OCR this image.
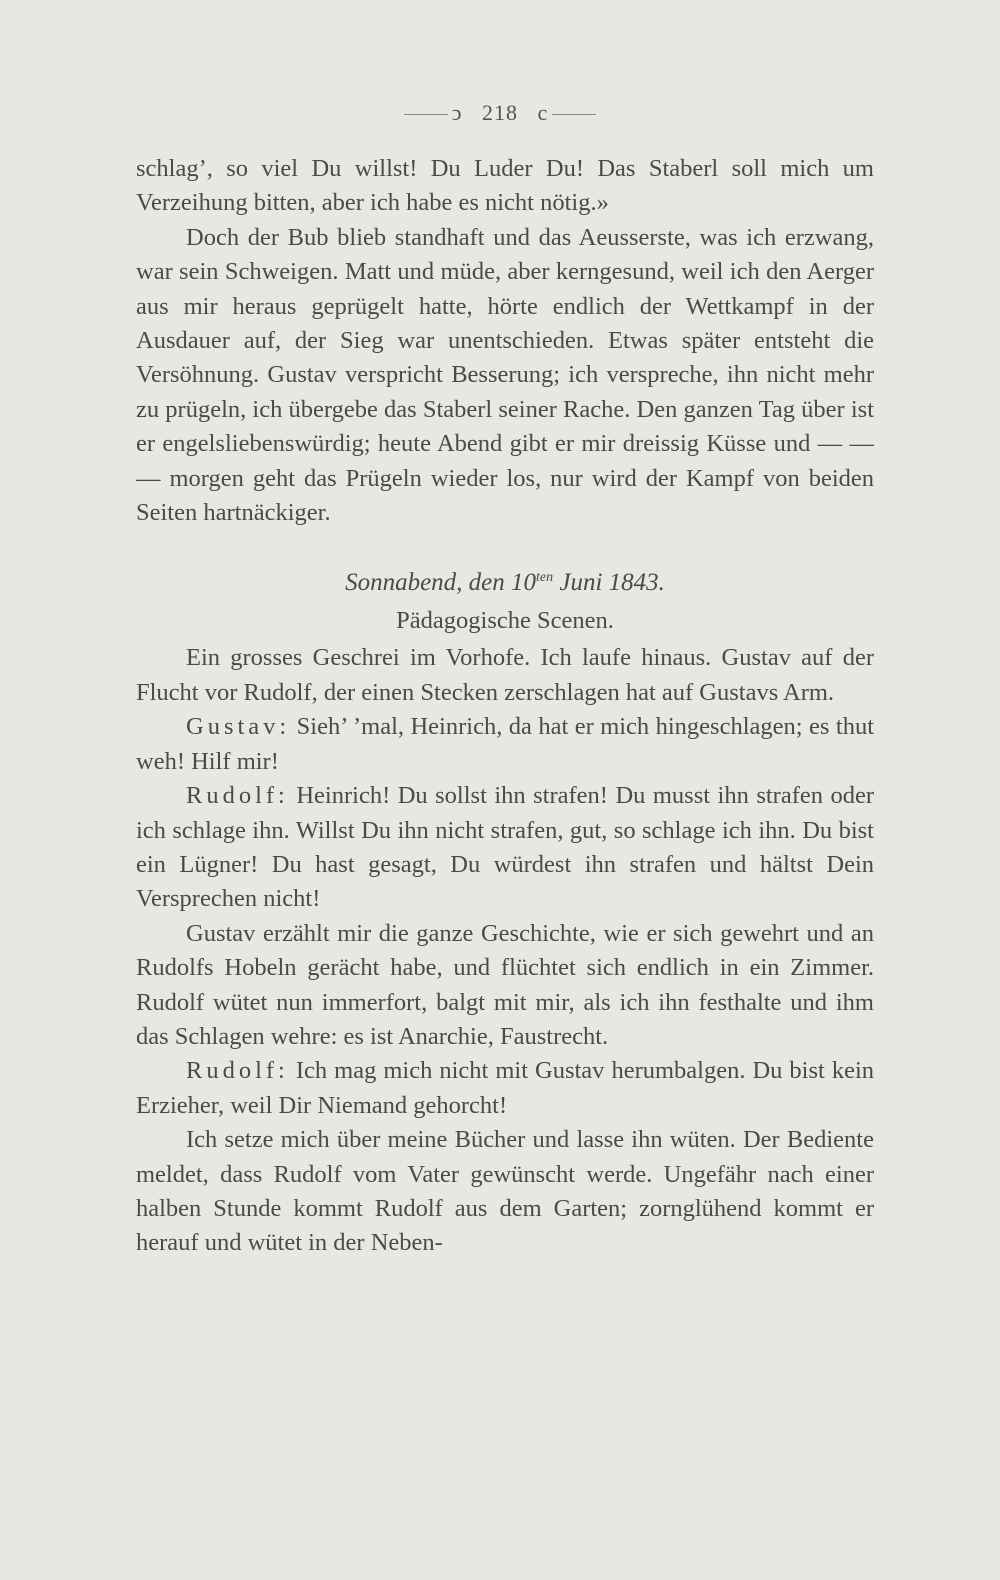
ↄ 218 c

schlag’, so viel Du willst! Du Luder Du! Das Staberl soll mich um Verzeihung bitten, aber ich habe es nicht nötig.»

Doch der Bub blieb standhaft und das Aeusserste, was ich erzwang, war sein Schweigen. Matt und müde, aber kerngesund, weil ich den Aerger aus mir heraus geprügelt hatte, hörte endlich der Wettkampf in der Ausdauer auf, der Sieg war unentschieden. Etwas später entsteht die Versöhnung. Gustav verspricht Besserung; ich verspreche, ihn nicht mehr zu prügeln, ich übergebe das Staberl seiner Rache. Den ganzen Tag über ist er engelsliebenswürdig; heute Abend gibt er mir dreissig Küsse und — — — morgen geht das Prügeln wieder los, nur wird der Kampf von beiden Seiten hartnäckiger.

Sonnabend, den $10^{ten}$ Juni 1843.

Pädagogische Scenen.

Ein grosses Geschrei im Vorhofe. Ich laufe hinaus. Gustav auf der Flucht vor Rudolf, der einen Stecken zerschlagen hat auf Gustavs Arm.

Gustav: Sieh’ ’mal, Heinrich, da hat er mich hingeschlagen; es thut weh! Hilf mir!

Rudolf: Heinrich! Du sollst ihn strafen! Du musst ihn strafen oder ich schlage ihn. Willst Du ihn nicht strafen, gut, so schlage ich ihn. Du bist ein Lügner! Du hast gesagt, Du würdest ihn strafen und hältst Dein Versprechen nicht!

Gustav erzählt mir die ganze Geschichte, wie er sich gewehrt und an Rudolfs Hobeln gerächt habe, und flüchtet sich endlich in ein Zimmer. Rudolf wütet nun immerfort, balgt mit mir, als ich ihn festhalte und ihm das Schlagen wehre: es ist Anarchie, Faustrecht.

Rudolf: Ich mag mich nicht mit Gustav herumbalgen. Du bist kein Erzieher, weil Dir Niemand gehorcht!

Ich setze mich über meine Bücher und lasse ihn wüten. Der Bediente meldet, dass Rudolf vom Vater gewünscht werde. Ungefähr nach einer halben Stunde kommt Rudolf aus dem Garten; zornglühend kommt er herauf und wütet in der Neben-
